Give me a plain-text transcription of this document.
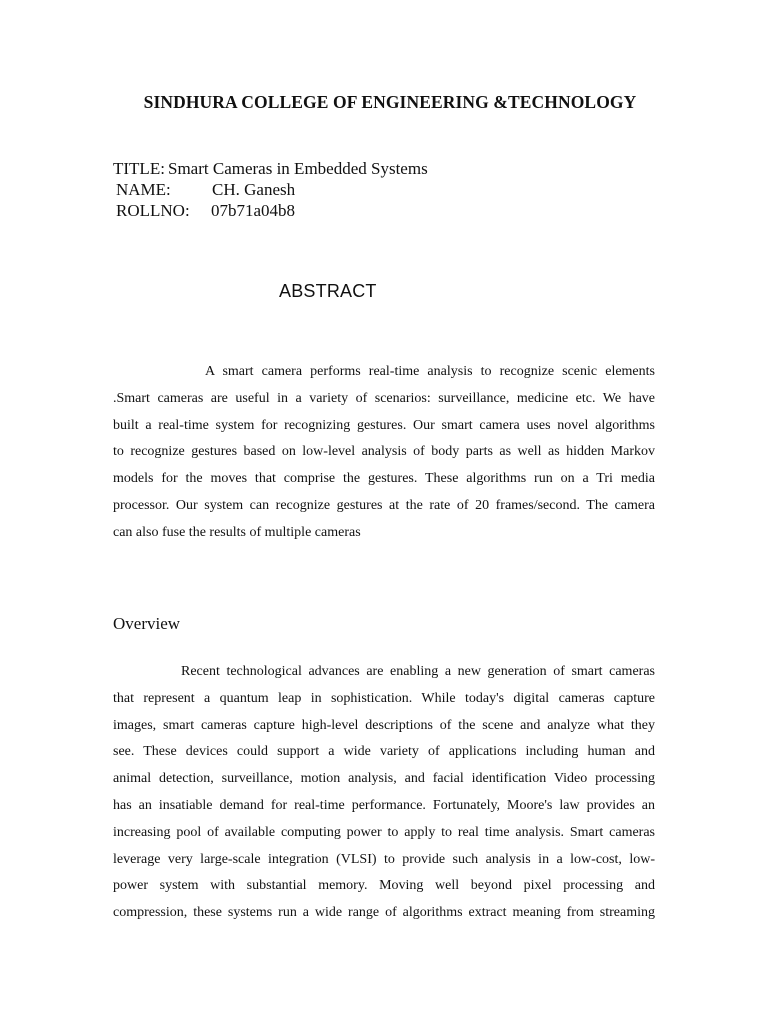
SINDHURA COLLEGE OF ENGINEERING &TECHNOLOGY
TITLE: Smart Cameras in Embedded Systems
NAME: CH. Ganesh
ROLLNO: 07b71a04b8
ABSTRACT
A smart camera performs real-time analysis to recognize scenic elements
.Smart cameras are useful in a variety of scenarios: surveillance, medicine etc. We have
built a real-time system for recognizing gestures. Our smart camera uses novel algorithms
to recognize gestures based on low-level analysis of body parts as well as hidden Markov
models for the moves that comprise the gestures. These algorithms run on a Tri media
processor. Our system can recognize gestures at the rate of 20 frames/second. The camera
can also fuse the results of multiple cameras
Overview
Recent technological advances are enabling a new generation of smart cameras
that represent a quantum leap in sophistication. While today's digital cameras capture
images, smart cameras capture high-level descriptions of the scene and analyze what they
see. These devices could support a wide variety of applications including human and
animal detection, surveillance, motion analysis, and facial identification Video processing
has an insatiable demand for real-time performance. Fortunately, Moore's law provides an
increasing pool of available computing power to apply to real time analysis. Smart cameras
leverage very large-scale integration (VLSI) to provide such analysis in a low-cost, low-
power system with substantial memory. Moving well beyond pixel processing and
compression, these systems run a wide range of algorithms extract meaning from streaming
